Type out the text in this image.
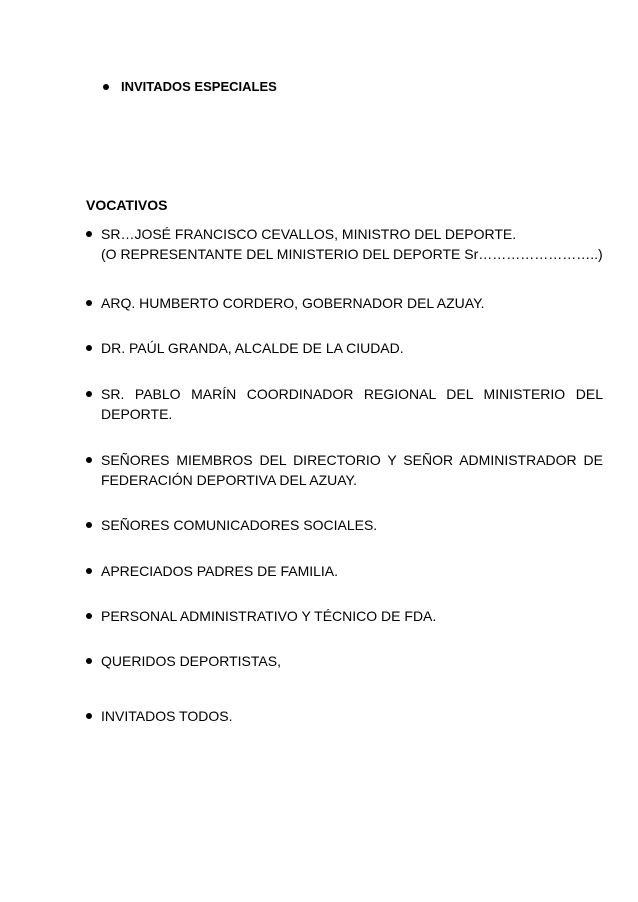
INVITADOS ESPECIALES
VOCATIVOS
SR…JOSÉ FRANCISCO CEVALLOS, MINISTRO DEL DEPORTE.
(O REPRESENTANTE DEL MINISTERIO DEL DEPORTE Sr……………………..)
ARQ. HUMBERTO CORDERO, GOBERNADOR DEL AZUAY.
DR. PAÚL GRANDA, ALCALDE DE LA CIUDAD.
SR. PABLO MARÍN COORDINADOR REGIONAL DEL MINISTERIO DEL DEPORTE.
SEÑORES MIEMBROS DEL DIRECTORIO Y SEÑOR ADMINISTRADOR DE FEDERACIÓN DEPORTIVA DEL AZUAY.
SEÑORES COMUNICADORES SOCIALES.
APRECIADOS PADRES DE FAMILIA.
PERSONAL ADMINISTRATIVO Y TÉCNICO DE FDA.
QUERIDOS DEPORTISTAS,
INVITADOS TODOS.
